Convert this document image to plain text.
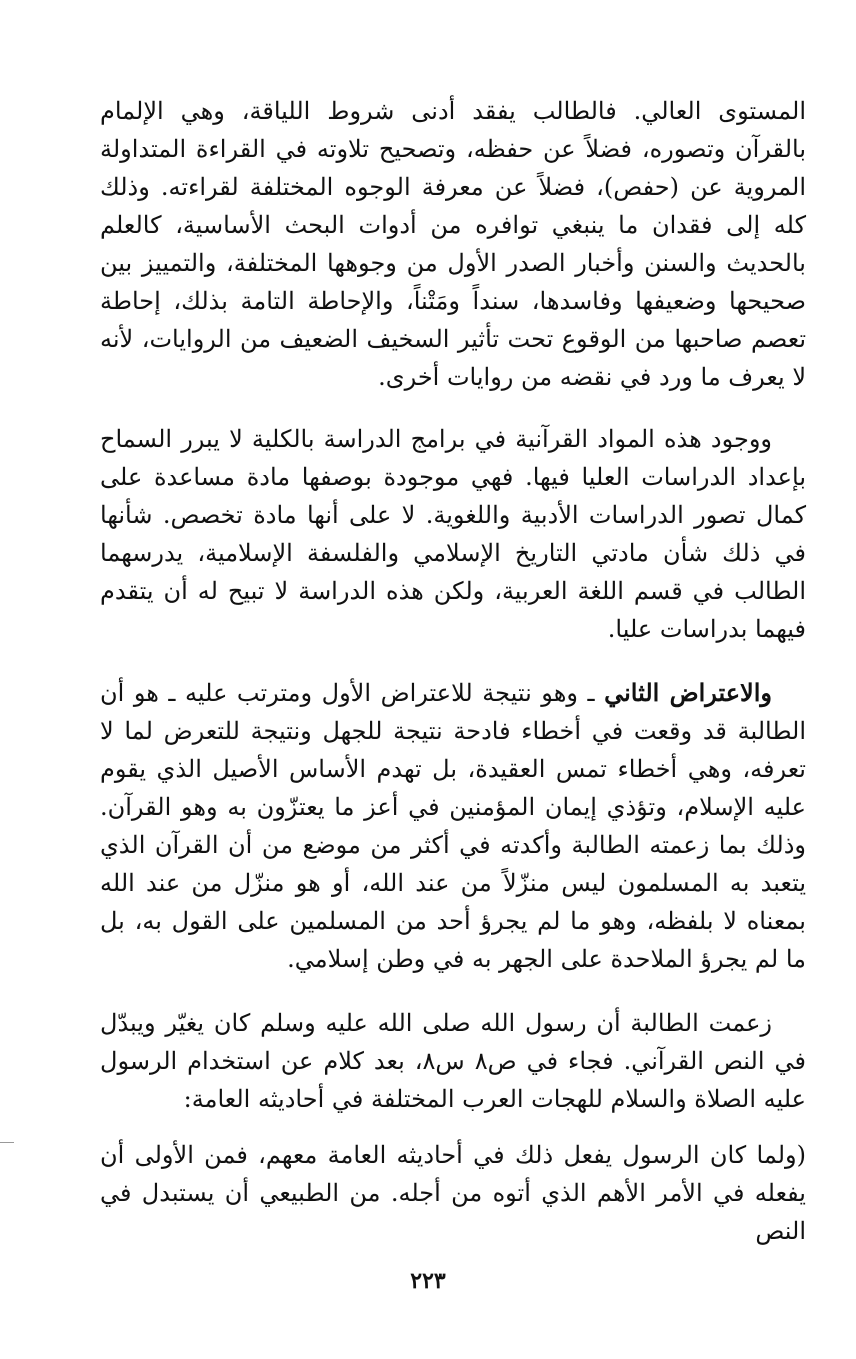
المستوى العالي. فالطالب يفقد أدنى شروط اللياقة، وهي الإلمام بالقرآن وتصوره، فضلاً عن حفظه، وتصحيح تلاوته في القراءة المتداولة المروية عن (حفص)، فضلاً عن معرفة الوجوه المختلفة لقراءته. وذلك كله إلى فقدان ما ينبغي توافره من أدوات البحث الأساسية، كالعلم بالحديث والسنن وأخبار الصدر الأول من وجوهها المختلفة، والتمييز بين صحيحها وضعيفها وفاسدها، سنداً ومَتْناً، والإحاطة التامة بذلك، إحاطة تعصم صاحبها من الوقوع تحت تأثير السخيف الضعيف من الروايات، لأنه لا يعرف ما ورد في نقضه من روايات أخرى.

ووجود هذه المواد القرآنية في برامج الدراسة بالكلية لا يبرر السماح بإعداد الدراسات العليا فيها. فهي موجودة بوصفها مادة مساعدة على كمال تصور الدراسات الأدبية واللغوية. لا على أنها مادة تخصص. شأنها في ذلك شأن مادتي التاريخ الإسلامي والفلسفة الإسلامية، يدرسهما الطالب في قسم اللغة العربية، ولكن هذه الدراسة لا تبيح له أن يتقدم فيهما بدراسات عليا.

والاعتراض الثاني ـ وهو نتيجة للاعتراض الأول ومترتب عليه ـ هو أن الطالبة قد وقعت في أخطاء فادحة نتيجة للجهل ونتيجة للتعرض لما لا تعرفه، وهي أخطاء تمس العقيدة، بل تهدم الأساس الأصيل الذي يقوم عليه الإسلام، وتؤذي إيمان المؤمنين في أعز ما يعتزّون به وهو القرآن. وذلك بما زعمته الطالبة وأكدته في أكثر من موضع من أن القرآن الذي يتعبد به المسلمون ليس منزّلاً من عند الله، أو هو منزّل من عند الله بمعناه لا بلفظه، وهو ما لم يجرؤ أحد من المسلمين على القول به، بل ما لم يجرؤ الملاحدة على الجهر به في وطن إسلامي.

زعمت الطالبة أن رسول الله صلى الله عليه وسلم كان يغيّر ويبدّل في النص القرآني. فجاء في ص٨ س٨، بعد كلام عن استخدام الرسول عليه الصلاة والسلام للهجات العرب المختلفة في أحاديثه العامة:

(ولما كان الرسول يفعل ذلك في أحاديثه العامة معهم، فمن الأولى أن يفعله في الأمر الأهم الذي أتوه من أجله. من الطبيعي أن يستبدل في النص

٢٢٣
